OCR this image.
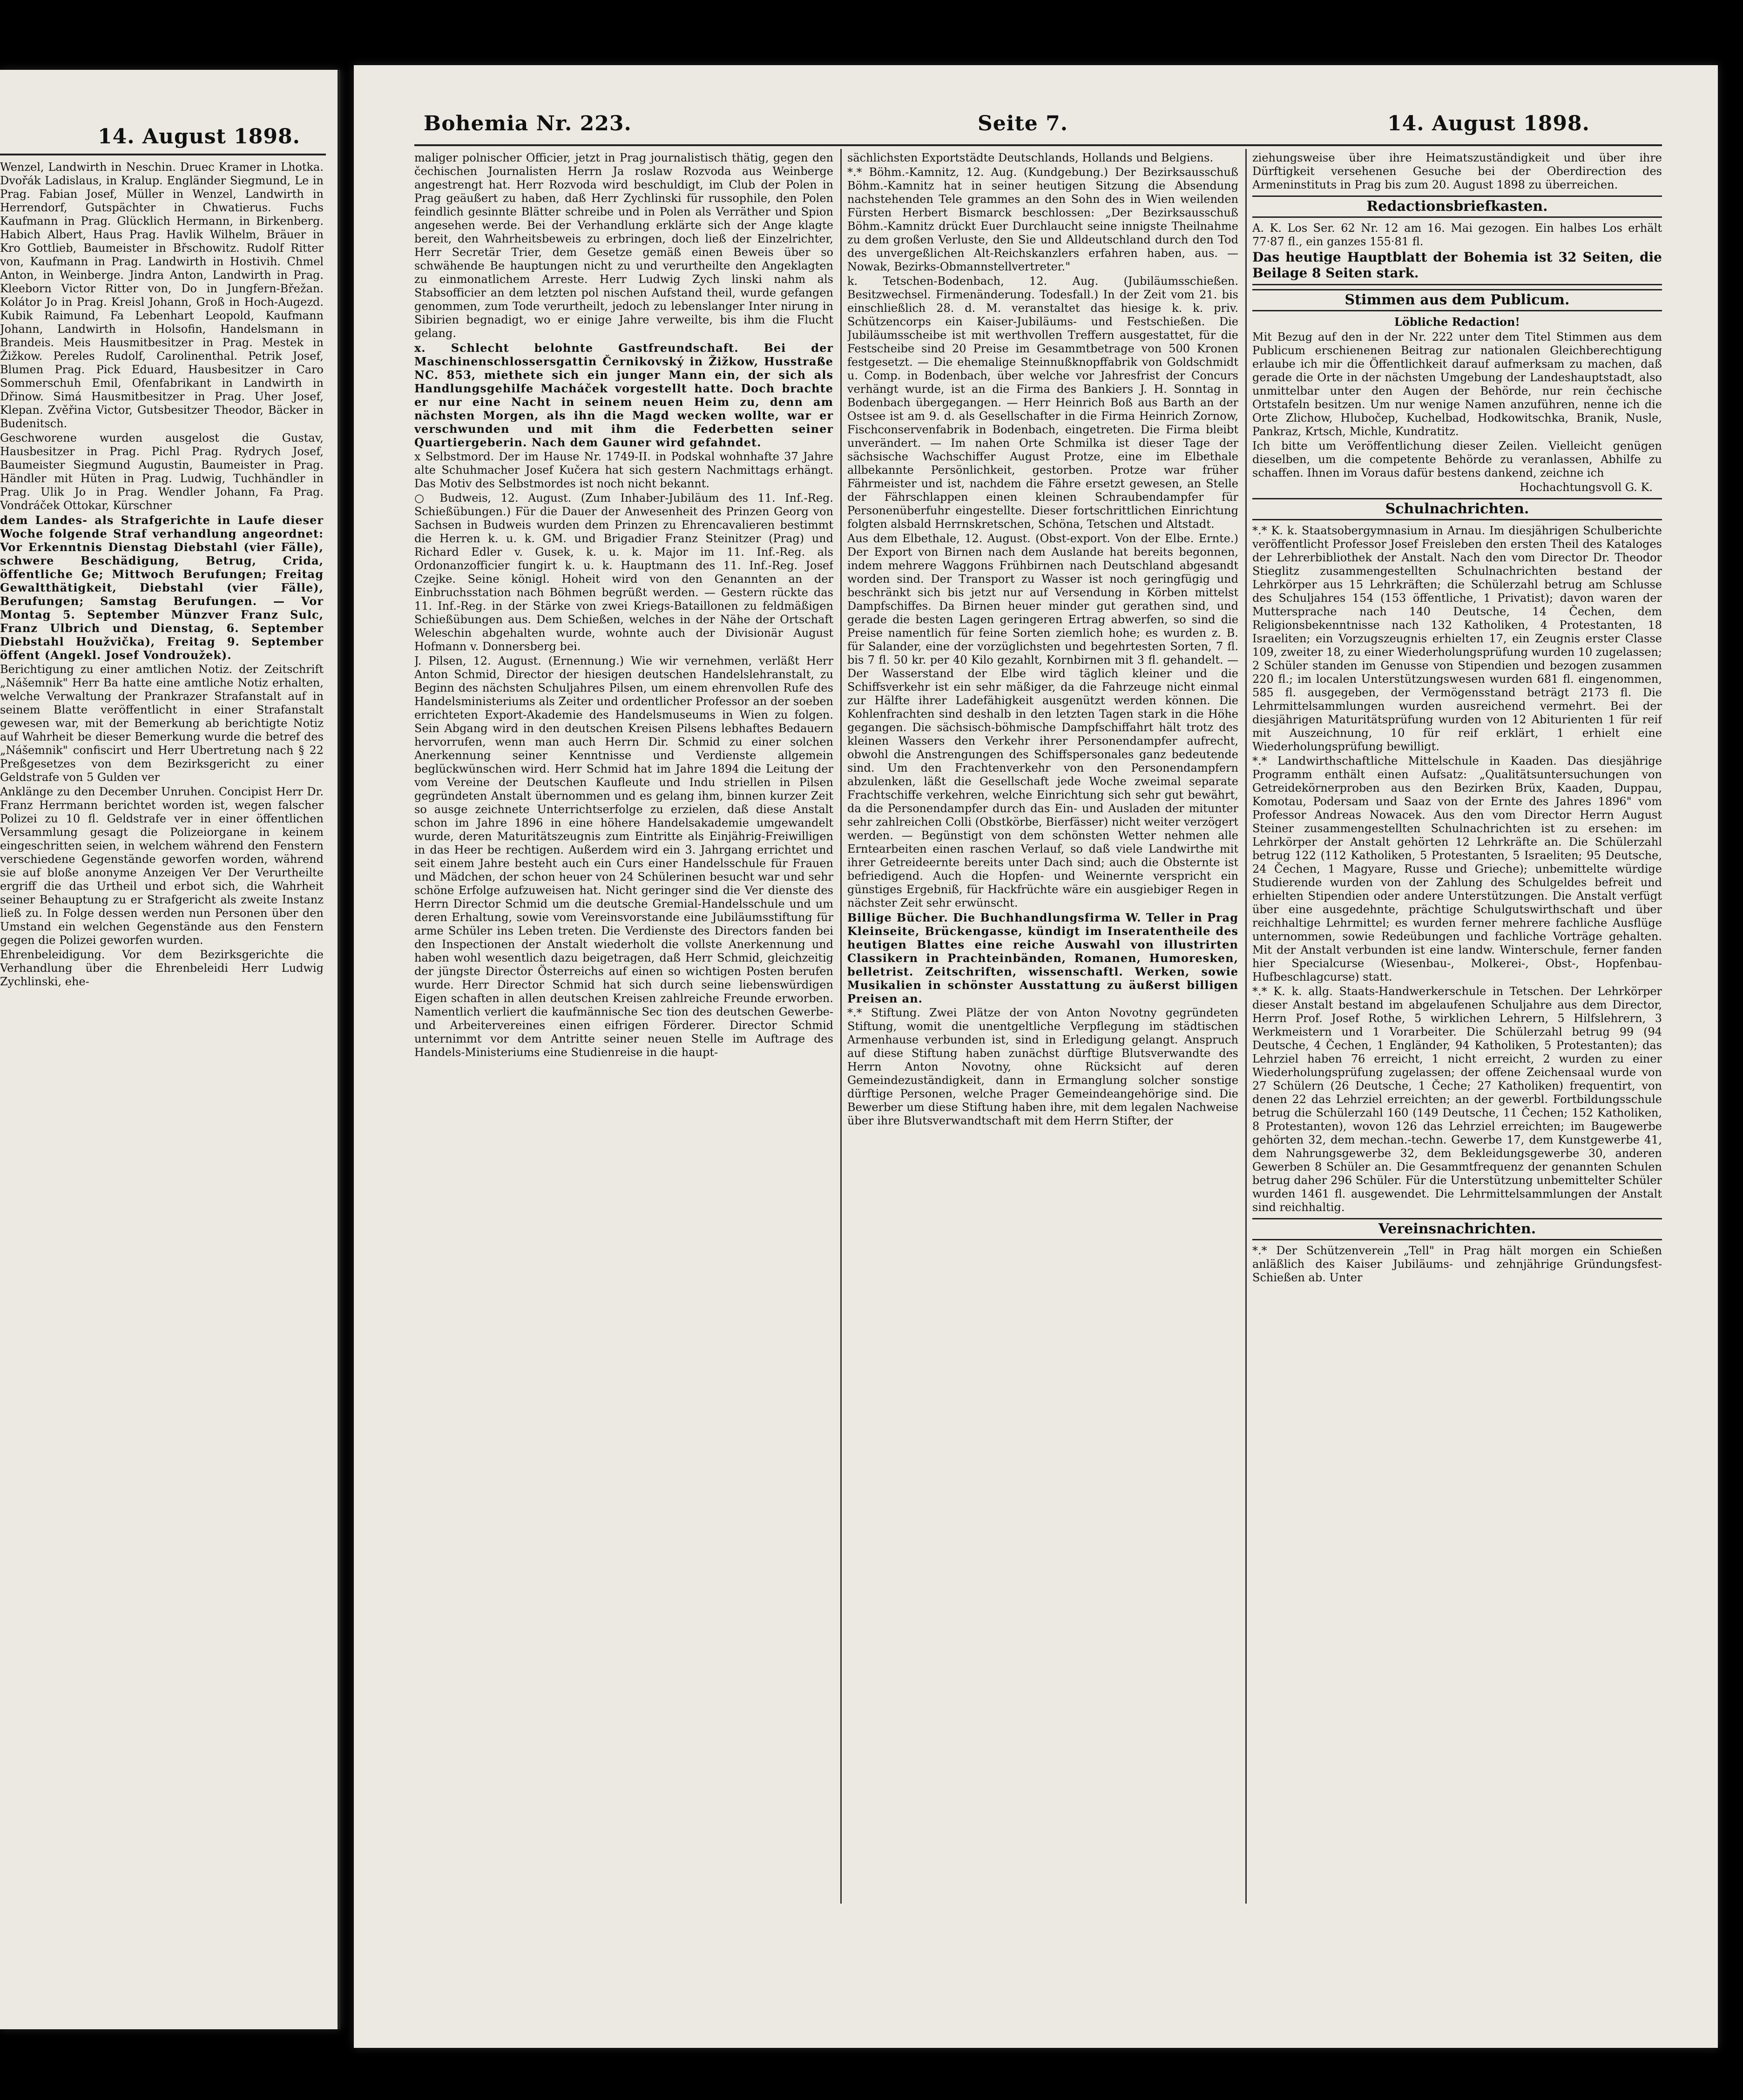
14. August 1898.

Wenzel, Landwirth in Neschin. Druec Kramer in Lhotka. Dvořák Ladislaus, in Kralup. Engländer Siegmund, Le in Prag. Fabian Josef, Müller in Wenzel, Landwirth in Herrendorf, Gutspächter in Chwatierus. Fuchs Kaufmann in Prag. Glücklich Hermann, in Birkenberg. Habich Albert, Haus Prag. Havlik Wilhelm, Bräuer in Kro Gottlieb, Baumeister in Břschowitz. Rudolf Ritter von, Kaufmann in Prag. Landwirth in Hostivih. Chmel Anton, in Weinberge. Jindra Anton, Landwirth in Prag. Kleeborn Victor Ritter von, Do in Jungfern-Břežan. Kolátor Jo in Prag. Kreisl Johann, Groß in Hoch-Augezd. Kubik Raimund, Fa Lebenhart Leopold, Kaufmann Johann, Landwirth in Holsofin, Handelsmann in Brandeis. Meis Hausmitbesitzer in Prag. Mestek in Žižkow. Pereles Rudolf, Carolinenthal. Petrik Josef, Blumen Prag. Pick Eduard, Hausbesitzer in Caro Sommerschuh Emil, Ofenfabrikant in Landwirth in Dřinow. Simá Hausmitbesitzer in Prag. Uher Josef, Klepan. Zvěřina Victor, Gutsbesitzer Theodor, Bäcker in Budenitsch.

Geschworene wurden ausgelost die Gustav, Hausbesitzer in Prag. Pichl Prag. Rydrych Josef, Baumeister Siegmund Augustin, Baumeister in Prag. Händler mit Hüten in Prag. Ludwig, Tuchhändler in Prag. Ulik Jo in Prag. Wendler Johann, Fa Prag. Vondráček Ottokar, Kürschner

dem Landes- als Strafgerichte in Laufe dieser Woche folgende Straf verhandlung angeordnet: Vor Erkenntnis Dienstag Diebstahl (vier Fälle), schwere Beschädigung, Betrug, Crida, öffentliche Ge; Mittwoch Berufungen; Freitag Gewaltthätigkeit, Diebstahl (vier Fälle), Berufungen; Samstag Berufungen. — Vor Montag 5. September Münzver Franz Sulc, Franz Ulbrich und Dienstag, 6. September Diebstahl Houžvička), Freitag 9. September öffent (Angekl. Josef Vondroužek).

Berichtigung zu einer amtlichen Notiz. der Zeitschrift „Nášemnik" Herr Ba hatte eine amtliche Notiz erhalten, welche Verwaltung der Prankrazer Strafanstalt auf in seinem Blatte veröffentlicht in einer Strafanstalt gewesen war, mit der Bemerkung ab berichtigte Notiz auf Wahrheit be dieser Bemerkung wurde die betref des „Nášemnik" confiscirt und Herr Ubertretung nach § 22 Preßgesetzes von dem Bezirksgericht zu einer Geldstrafe von 5 Gulden ver

Anklänge zu den December Unruhen. Concipist Herr Dr. Franz Herrmann berichtet worden ist, wegen falscher Polizei zu 10 fl. Geldstrafe ver in einer öffentlichen Versammlung gesagt die Polizeiorgane in keinem eingeschritten seien, in welchem während den Fenstern verschiedene Gegenstände geworfen worden, während sie auf bloße anonyme Anzeigen Ver Der Verurtheilte ergriff die das Urtheil und erbot sich, die Wahrheit seiner Behauptung zu er Strafgericht als zweite Instanz ließ zu. In Folge dessen werden nun Personen über den Umstand ein welchen Gegenstände aus den Fenstern gegen die Polizei geworfen wurden.

Ehrenbeleidigung. Vor dem Bezirksgerichte die Verhandlung über die Ehrenbeleidi Herr Ludwig Zychlinski, ehe-

Bohemia Nr. 223.	Seite 7.	14. August 1898.

maliger polnischer Officier, jetzt in Prag journalistisch thätig, gegen den čechischen Journalisten Herrn Ja roslaw Rozvoda aus Weinberge angestrengt hat. Herr Rozvoda wird beschuldigt, im Club der Polen in Prag geäußert zu haben, daß Herr Zychlinski für russophile, den Polen feindlich gesinnte Blätter schreibe und in Polen als Verräther und Spion angesehen werde. Bei der Verhandlung erklärte sich der Ange klagte bereit, den Wahrheitsbeweis zu erbringen, doch ließ der Einzelrichter, Herr Secretär Trier, dem Gesetze gemäß einen Beweis über so schwähende Be hauptungen nicht zu und verurtheilte den Angeklagten zu einmonatlichem Arreste. Herr Ludwig Zych linski nahm als Stabsofficier an dem letzten pol nischen Aufstand theil, wurde gefangen genommen, zum Tode verurtheilt, jedoch zu lebenslanger Inter nirung in Sibirien begnadigt, wo er einige Jahre verweilte, bis ihm die Flucht gelang.

x. Schlecht belohnte Gastfreundschaft. Bei der Maschinenschlossersgattin Černikovský in Žižkow, Husstraße NC. 853, miethete sich ein junger Mann ein, der sich als Handlungsgehilfe Macháček vorgestellt hatte. Doch brachte er nur eine Nacht in seinem neuen Heim zu, denn am nächsten Morgen, als ihn die Magd wecken wollte, war er verschwunden und mit ihm die Federbetten seiner Quartiergeberin. Nach dem Gauner wird gefahndet.

x Selbstmord. Der im Hause Nr. 1749-II. in Podskal wohnhafte 37 Jahre alte Schuhmacher Josef Kučera hat sich gestern Nachmittags erhängt. Das Motiv des Selbstmordes ist noch nicht bekannt.

○ Budweis, 12. August. (Zum Inhaber-Jubiläum des 11. Inf.-Reg. Schießübungen.) Für die Dauer der Anwesenheit des Prinzen Georg von Sachsen in Budweis wurden dem Prinzen zu Ehrencavalieren bestimmt die Herren k. u. k. GM. und Brigadier Franz Steinitzer (Prag) und Richard Edler v. Gusek, k. u. k. Major im 11. Inf.-Reg. als Ordonanzofficier fungirt k. u. k. Hauptmann des 11. Inf.-Reg. Josef Czejke. Seine königl. Hoheit wird von den Genannten an der Einbruchsstation nach Böhmen begrüßt werden. — Gestern rückte das 11. Inf.-Reg. in der Stärke von zwei Kriegs-Bataillonen zu feldmäßigen Schießübungen aus. Dem Schießen, welches in der Nähe der Ortschaft Weleschin abgehalten wurde, wohnte auch der Divisionär August Hofmann v. Donnersberg bei.

J. Pilsen, 12. August. (Ernennung.) Wie wir vernehmen, verläßt Herr Anton Schmid, Director der hiesigen deutschen Handelslehranstalt, zu Beginn des nächsten Schuljahres Pilsen, um einem ehrenvollen Rufe des Handelsministeriums als Zeiter und ordentlicher Professor an der soeben errichteten Export-Akademie des Handelsmuseums in Wien zu folgen. Sein Abgang wird in den deutschen Kreisen Pilsens lebhaftes Bedauern hervorrufen, wenn man auch Herrn Dir. Schmid zu einer solchen Anerkennung seiner Kenntnisse und Verdienste allgemein beglückwünschen wird. Herr Schmid hat im Jahre 1894 die Leitung der vom Vereine der Deutschen Kaufleute und Indu striellen in Pilsen gegründeten Anstalt übernommen und es gelang ihm, binnen kurzer Zeit so ausge zeichnete Unterrichtserfolge zu erzielen, daß diese Anstalt schon im Jahre 1896 in eine höhere Handelsakademie umgewandelt wurde, deren Maturitätszeugnis zum Eintritte als Einjährig-Freiwilligen in das Heer be rechtigen. Außerdem wird ein 3. Jahrgang errichtet und seit einem Jahre besteht auch ein Curs einer Handelsschule für Frauen und Mädchen, der schon heuer von 24 Schülerinen besucht war und sehr schöne Erfolge aufzuweisen hat. Nicht geringer sind die Ver dienste des Herrn Director Schmid um die deutsche Gremial-Handelsschule und um deren Erhaltung, sowie vom Vereinsvorstande eine Jubiläumsstiftung für arme Schüler ins Leben treten. Die Verdienste des Directors fanden bei den Inspectionen der Anstalt wiederholt die vollste Anerkennung und haben wohl wesentlich dazu beigetragen, daß Herr Schmid, gleichzeitig der jüngste Director Österreichs auf einen so wichtigen Posten berufen wurde. Herr Director Schmid hat sich durch seine liebenswürdigen Eigen schaften in allen deutschen Kreisen zahlreiche Freunde erworben. Namentlich verliert die kaufmännische Sec tion des deutschen Gewerbe- und Arbeitervereines einen eifrigen Förderer. Director Schmid unternimmt vor dem Antritte seiner neuen Stelle im Auftrage des Handels-Ministeriums eine Studienreise in die haupt-

sächlichsten Exportstädte Deutschlands, Hollands und Belgiens.

*.* Böhm.-Kamnitz, 12. Aug. (Kundgebung.) Der Bezirksausschuß Böhm.-Kamnitz hat in seiner heutigen Sitzung die Absendung nachstehenden Tele grammes an den Sohn des in Wien weilenden Fürsten Herbert Bismarck beschlossen: „Der Bezirksausschuß Böhm.-Kamnitz drückt Euer Durchlaucht seine innigste Theilnahme zu dem großen Verluste, den Sie und Alldeutschland durch den Tod des unvergeßlichen Alt-Reichskanzlers erfahren haben, aus. — Nowak, Bezirks-Obmannstellvertreter."

k. Tetschen-Bodenbach, 12. Aug. (Jubiläumsschießen. Besitzwechsel. Firmenänderung. Todesfall.) In der Zeit vom 21. bis einschließlich 28. d. M. veranstaltet das hiesige k. k. priv. Schützencorps ein Kaiser-Jubiläums- und Festschießen. Die Jubiläumsscheibe ist mit werthvollen Treffern ausgestattet, für die Festscheibe sind 20 Preise im Gesammtbetrage von 500 Kronen festgesetzt. — Die ehemalige Steinnußknopffabrik von Goldschmidt u. Comp. in Bodenbach, über welche vor Jahresfrist der Concurs verhängt wurde, ist an die Firma des Bankiers J. H. Sonntag in Bodenbach übergegangen. — Herr Heinrich Boß aus Barth an der Ostsee ist am 9. d. als Gesellschafter in die Firma Heinrich Zornow, Fischconservenfabrik in Bodenbach, eingetreten. Die Firma bleibt unverändert. — Im nahen Orte Schmilka ist dieser Tage der sächsische Wachschiffer August Protze, eine im Elbethale allbekannte Persönlichkeit, gestorben. Protze war früher Fährmeister und ist, nachdem die Fähre ersetzt gewesen, an Stelle der Fährschlappen einen kleinen Schraubendampfer für Personenüberfuhr eingestellte. Dieser fortschrittlichen Einrichtung folgten alsbald Herrnskretschen, Schöna, Tetschen und Altstadt.

Aus dem Elbethale, 12. August. (Obst-export. Von der Elbe. Ernte.) Der Export von Birnen nach dem Auslande hat bereits begonnen, indem mehrere Waggons Frühbirnen nach Deutschland abgesandt worden sind. Der Transport zu Wasser ist noch geringfügig und beschränkt sich bis jetzt nur auf Versendung in Körben mittelst Dampfschiffes. Da Birnen heuer minder gut gerathen sind, und gerade die besten Lagen geringeren Ertrag abwerfen, so sind die Preise namentlich für feine Sorten ziemlich hohe; es wurden z. B. für Salander, eine der vorzüglichsten und begehrtesten Sorten, 7 fl. bis 7 fl. 50 kr. per 40 Kilo gezahlt, Kornbirnen mit 3 fl. gehandelt. — Der Wasserstand der Elbe wird täglich kleiner und die Schiffsverkehr ist ein sehr mäßiger, da die Fahrzeuge nicht einmal zur Hälfte ihrer Ladefähigkeit ausgenützt werden können. Die Kohlenfrachten sind deshalb in den letzten Tagen stark in die Höhe gegangen. Die sächsisch-böhmische Dampfschiffahrt hält trotz des kleinen Wassers den Verkehr ihrer Personendampfer aufrecht, obwohl die Anstrengungen des Schiffspersonales ganz bedeutende sind. Um den Frachtenverkehr von den Personendampfern abzulenken, läßt die Gesellschaft jede Woche zweimal separate Frachtschiffe verkehren, welche Einrichtung sich sehr gut bewährt, da die Personendampfer durch das Ein- und Ausladen der mitunter sehr zahlreichen Colli (Obstkörbe, Bierfässer) nicht weiter verzögert werden. — Begünstigt von dem schönsten Wetter nehmen alle Erntearbeiten einen raschen Verlauf, so daß viele Landwirthe mit ihrer Getreideernte bereits unter Dach sind; auch die Obsternte ist befriedigend. Auch die Hopfen- und Weinernte verspricht ein günstiges Ergebniß, für Hackfrüchte wäre ein ausgiebiger Regen in nächster Zeit sehr erwünscht.

Billige Bücher. Die Buchhandlungsfirma W. Teller in Prag Kleinseite, Brückengasse, kündigt im Inseratentheile des heutigen Blattes eine reiche Auswahl von illustrirten Classikern in Prachteinbänden, Romanen, Humoresken, belletrist. Zeitschriften, wissenschaftl. Werken, sowie Musikalien in schönster Ausstattung zu äußerst billigen Preisen an.

*.* Stiftung. Zwei Plätze der von Anton Novotny gegründeten Stiftung, womit die unentgeltliche Verpflegung im städtischen Armenhause verbunden ist, sind in Erledigung gelangt. Anspruch auf diese Stiftung haben zunächst dürftige Blutsverwandte des Herrn Anton Novotny, ohne Rücksicht auf deren Gemeindezuständigkeit, dann in Ermanglung solcher sonstige dürftige Personen, welche Prager Gemeindeangehörige sind. Die Bewerber um diese Stiftung haben ihre, mit dem legalen Nachweise über ihre Blutsverwandtschaft mit dem Herrn Stifter, der

ziehungsweise über ihre Heimatszuständigkeit und über ihre Dürftigkeit versehenen Gesuche bei der Oberdirection des Armeninstituts in Prag bis zum 20. August 1898 zu überreichen.

Redactionsbriefkasten.

A. K. Los Ser. 62 Nr. 12 am 16. Mai gezogen. Ein halbes Los erhält 77·87 fl., ein ganzes 155·81 fl.

Das heutige Hauptblatt der Bohemia ist 32 Seiten, die Beilage 8 Seiten stark.
Stimmen aus dem Publicum.

Löbliche Redaction!

Mit Bezug auf den in der Nr. 222 unter dem Titel Stimmen aus dem Publicum erschienenen Beitrag zur nationalen Gleichberechtigung erlaube ich mir die Öffentlichkeit darauf aufmerksam zu machen, daß gerade die Orte in der nächsten Umgebung der Landeshauptstadt, also unmittelbar unter den Augen der Behörde, nur rein čechische Ortstafeln besitzen. Um nur wenige Namen anzuführen, nenne ich die Orte Zlichow, Hlubočep, Kuchelbad, Hodkowitschka, Branik, Nusle, Pankraz, Krtsch, Michle, Kundratitz.

Ich bitte um Veröffentlichung dieser Zeilen. Vielleicht genügen dieselben, um die competente Behörde zu veranlassen, Abhilfe zu schaffen. Ihnen im Voraus dafür bestens dankend, zeichne ich

Hochachtungsvoll G. K.

Schulnachrichten.

*.* K. k. Staatsobergymnasium in Arnau. Im diesjährigen Schulberichte veröffentlicht Professor Josef Freisleben den ersten Theil des Kataloges der Lehrerbibliothek der Anstalt. Nach den vom Director Dr. Theodor Stieglitz zusammengestellten Schulnachrichten bestand der Lehrkörper aus 15 Lehrkräften; die Schülerzahl betrug am Schlusse des Schuljahres 154 (153 öffentliche, 1 Privatist); davon waren der Muttersprache nach 140 Deutsche, 14 Čechen, dem Religionsbekenntnisse nach 132 Katholiken, 4 Protestanten, 18 Israeliten; ein Vorzugszeugnis erhielten 17, ein Zeugnis erster Classe 109, zweiter 18, zu einer Wiederholungsprüfung wurden 10 zugelassen; 2 Schüler standen im Genusse von Stipendien und bezogen zusammen 220 fl.; im localen Unterstützungswesen wurden 681 fl. eingenommen, 585 fl. ausgegeben, der Vermögensstand beträgt 2173 fl. Die Lehrmittelsammlungen wurden ausreichend vermehrt. Bei der diesjährigen Maturitätsprüfung wurden von 12 Abiturienten 1 für reif mit Auszeichnung, 10 für reif erklärt, 1 erhielt eine Wiederholungsprüfung bewilligt.

*.* Landwirthschaftliche Mittelschule in Kaaden. Das diesjährige Programm enthält einen Aufsatz: „Qualitätsuntersuchungen von Getreidekörnerproben aus den Bezirken Brüx, Kaaden, Duppau, Komotau, Podersam und Saaz von der Ernte des Jahres 1896" vom Professor Andreas Nowacek. Aus den vom Director Herrn August Steiner zusammengestellten Schulnachrichten ist zu ersehen: im Lehrkörper der Anstalt gehörten 12 Lehrkräfte an. Die Schülerzahl betrug 122 (112 Katholiken, 5 Protestanten, 5 Israeliten; 95 Deutsche, 24 Čechen, 1 Magyare, Russe und Grieche); unbemittelte würdige Studierende wurden von der Zahlung des Schulgeldes befreit und erhielten Stipendien oder andere Unterstützungen. Die Anstalt verfügt über eine ausgedehnte, prächtige Schulgutswirthschaft und über reichhaltige Lehrmittel; es wurden ferner mehrere fachliche Ausflüge unternommen, sowie Redeübungen und fachliche Vorträge gehalten. Mit der Anstalt verbunden ist eine landw. Winterschule, ferner fanden hier Specialcurse (Wiesenbau-, Molkerei-, Obst-, Hopfenbau-Hufbeschlagcurse) statt.

*.* K. k. allg. Staats-Handwerkerschule in Tetschen. Der Lehrkörper dieser Anstalt bestand im abgelaufenen Schuljahre aus dem Director, Herrn Prof. Josef Rothe, 5 wirklichen Lehrern, 5 Hilfslehrern, 3 Werkmeistern und 1 Vorarbeiter. Die Schülerzahl betrug 99 (94 Deutsche, 4 Čechen, 1 Engländer, 94 Katholiken, 5 Protestanten); das Lehrziel haben 76 erreicht, 1 nicht erreicht, 2 wurden zu einer Wiederholungsprüfung zugelassen; der offene Zeichensaal wurde von 27 Schülern (26 Deutsche, 1 Čeche; 27 Katholiken) frequentirt, von denen 22 das Lehrziel erreichten; an der gewerbl. Fortbildungsschule betrug die Schülerzahl 160 (149 Deutsche, 11 Čechen; 152 Katholiken, 8 Protestanten), wovon 126 das Lehrziel erreichten; im Baugewerbe gehörten 32, dem mechan.-techn. Gewerbe 17, dem Kunstgewerbe 41, dem Nahrungsgewerbe 32, dem Bekleidungsgewerbe 30, anderen Gewerben 8 Schüler an. Die Gesammtfrequenz der genannten Schulen betrug daher 296 Schüler. Für die Unterstützung unbemittelter Schüler wurden 1461 fl. ausgewendet. Die Lehrmittelsammlungen der Anstalt sind reichhaltig.

Vereinsnachrichten.

*.* Der Schützenverein „Tell" in Prag hält morgen ein Schießen anläßlich des Kaiser Jubiläums- und zehnjährige Gründungsfest-Schießen ab. Unter
